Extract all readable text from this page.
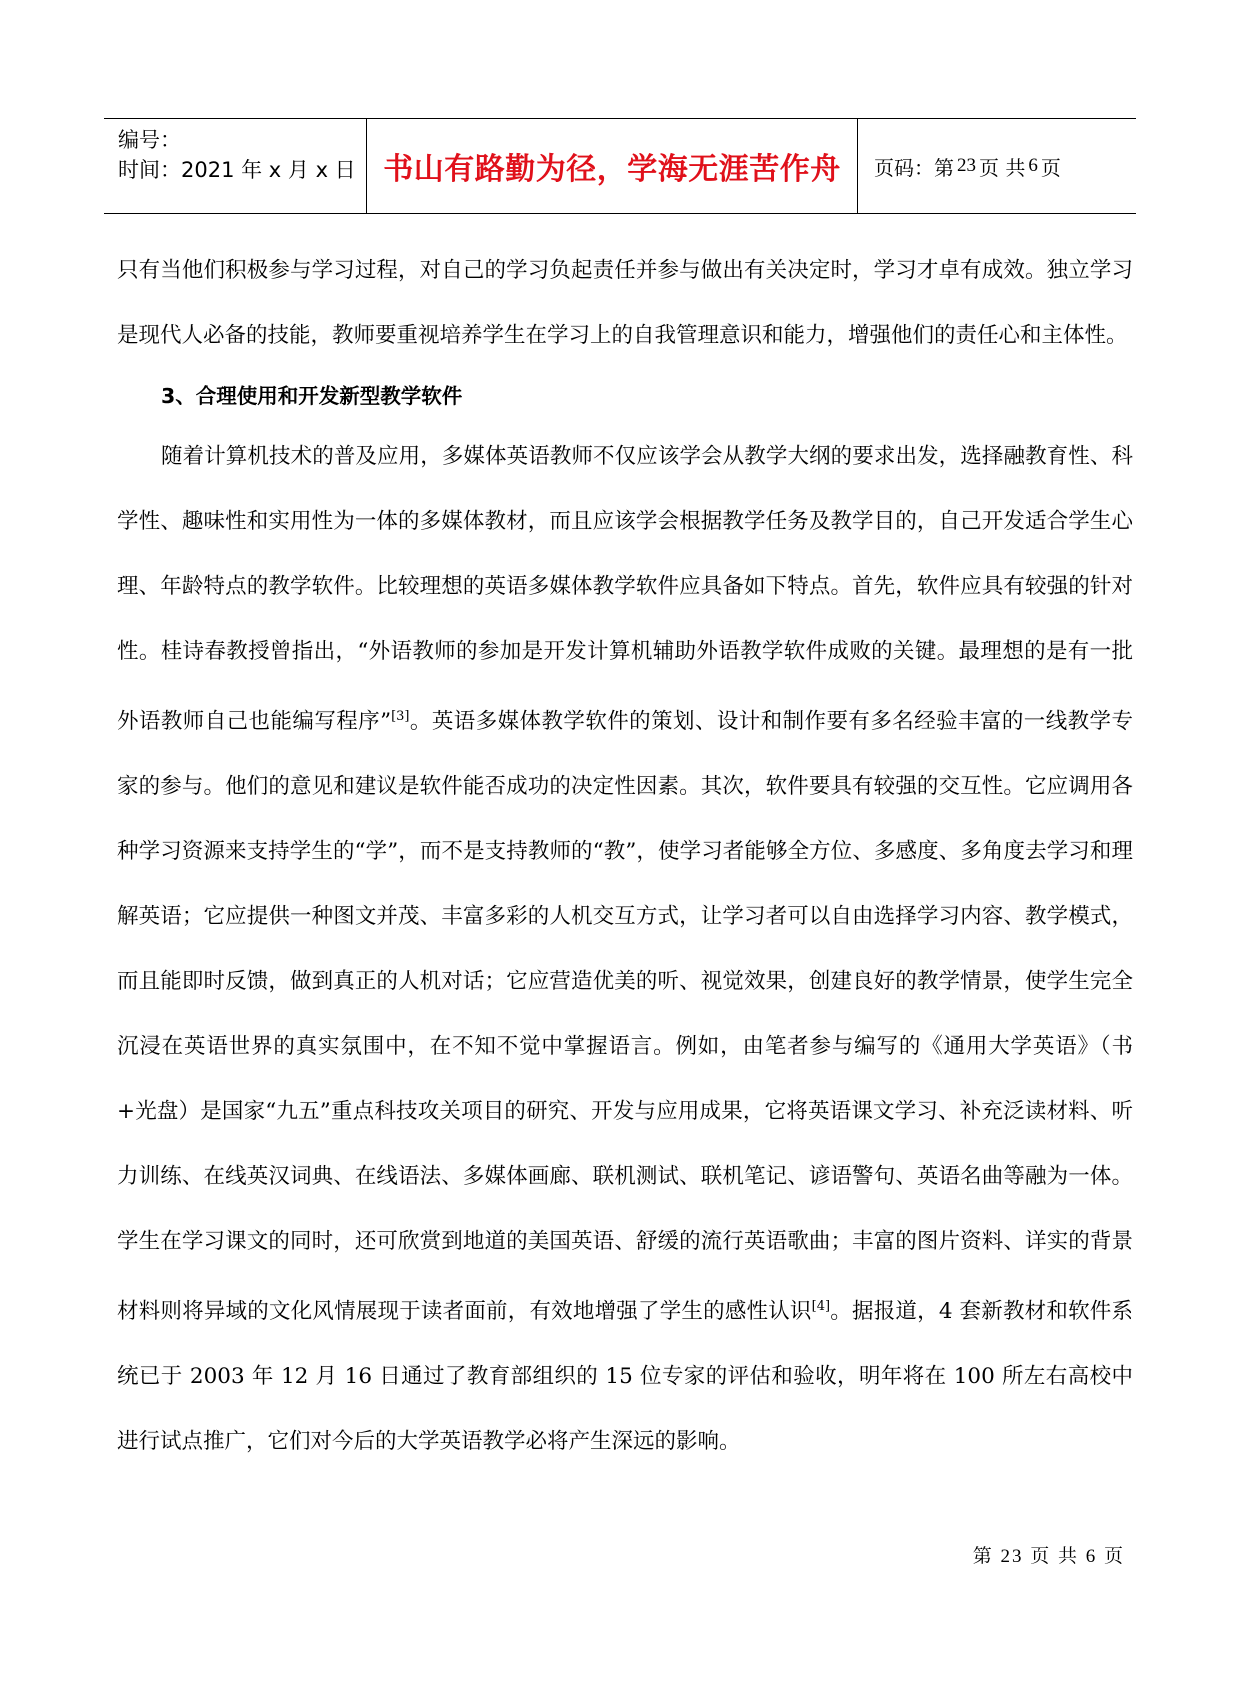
编号：
时间：2021 年 x 月 x 日 书山有路勤为径，学海无涯苦作舟	页码：第 23 页 共 6 页

只有当他们积极参与学习过程，对自己的学习负起责任并参与做出有关决定时，学习才卓有成效。独立学习是现代人必备的技能，教师要重视培养学生在学习上的自我管理意识和能力，增强他们的责任心和主体性。

3、合理使用和开发新型教学软件

随着计算机技术的普及应用，多媒体英语教师不仅应该学会从教学大纲的要求出发，选择融教育性、科学性、趣味性和实用性为一体的多媒体教材，而且应该学会根据教学任务及教学目的，自己开发适合学生心理、年龄特点的教学软件。比较理想的英语多媒体教学软件应具备如下特点。首先，软件应具有较强的针对性。桂诗春教授曾指出，“外语教师的参加是开发计算机辅助外语教学软件成败的关键。最理想的是有一批外语教师自己也能编写程序”[3]。英语多媒体教学软件的策划、设计和制作要有多名经验丰富的一线教学专家的参与。他们的意见和建议是软件能否成功的决定性因素。其次，软件要具有较强的交互性。它应调用各种学习资源来支持学生的“学”，而不是支持教师的“教”，使学习者能够全方位、多感度、多角度去学习和理解英语；它应提供一种图文并茂、丰富多彩的人机交互方式，让学习者可以自由选择学习内容、教学模式，而且能即时反馈，做到真正的人机对话；它应营造优美的听、视觉效果，创建良好的教学情景，使学生完全沉浸在英语世界的真实氛围中，在不知不觉中掌握语言。例如，由笔者参与编写的《通用大学英语》（书+光盘）是国家“九五”重点科技攻关项目的研究、开发与应用成果，它将英语课文学习、补充泛读材料、听力训练、在线英汉词典、在线语法、多媒体画廊、联机测试、联机笔记、谚语警句、英语名曲等融为一体。学生在学习课文的同时，还可欣赏到地道的美国英语、舒缓的流行英语歌曲；丰富的图片资料、详实的背景材料则将异域的文化风情展现于读者面前，有效地增强了学生的感性认识[4]。据报道，4 套新教材和软件系统已于 2003 年 12 月 16 日通过了教育部组织的 15 位专家的评估和验收，明年将在 100 所左右高校中进行试点推广，它们对今后的大学英语教学必将产生深远的影响。

第 23 页 共 6 页
